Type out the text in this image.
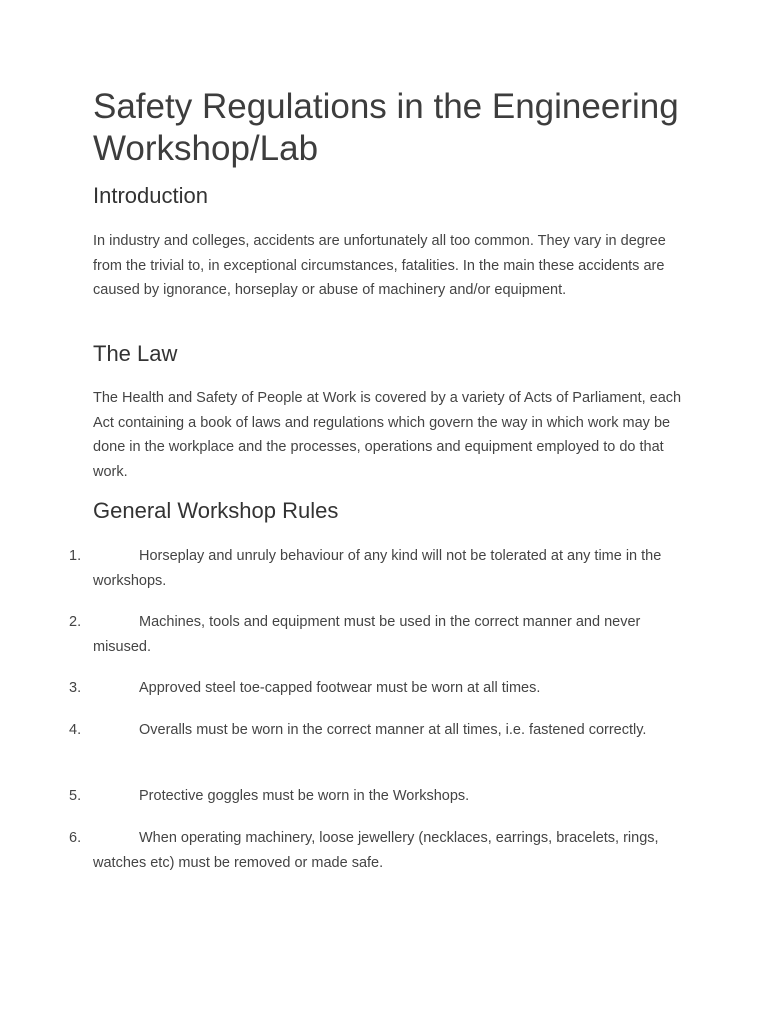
Safety Regulations in the Engineering Workshop/Lab
Introduction

In industry and colleges, accidents are unfortunately all too common. They vary in degree from the trivial to, in exceptional circumstances, fatalities. In the main these accidents are caused by ignorance, horseplay or abuse of machinery and/or equipment.

The Law

The Health and Safety of People at Work is covered by a variety of Acts of Parliament, each Act containing a book of laws and regulations which govern the way in which work may be done in the workplace and the processes, operations and equipment employed to do that work.

General Workshop Rules
1.	Horseplay and unruly behaviour of any kind will not be tolerated at any time in the workshops.

2.	Machines, tools and equipment must be used in the correct manner and never misused.

3.	Approved steel toe-capped footwear must be worn at all times.

4.	Overalls must be worn in the correct manner at all times, i.e. fastened correctly.

5.	Protective goggles must be worn in the Workshops.

6.	When operating machinery, loose jewellery (necklaces, earrings, bracelets, rings, watches etc) must be removed or made safe.
